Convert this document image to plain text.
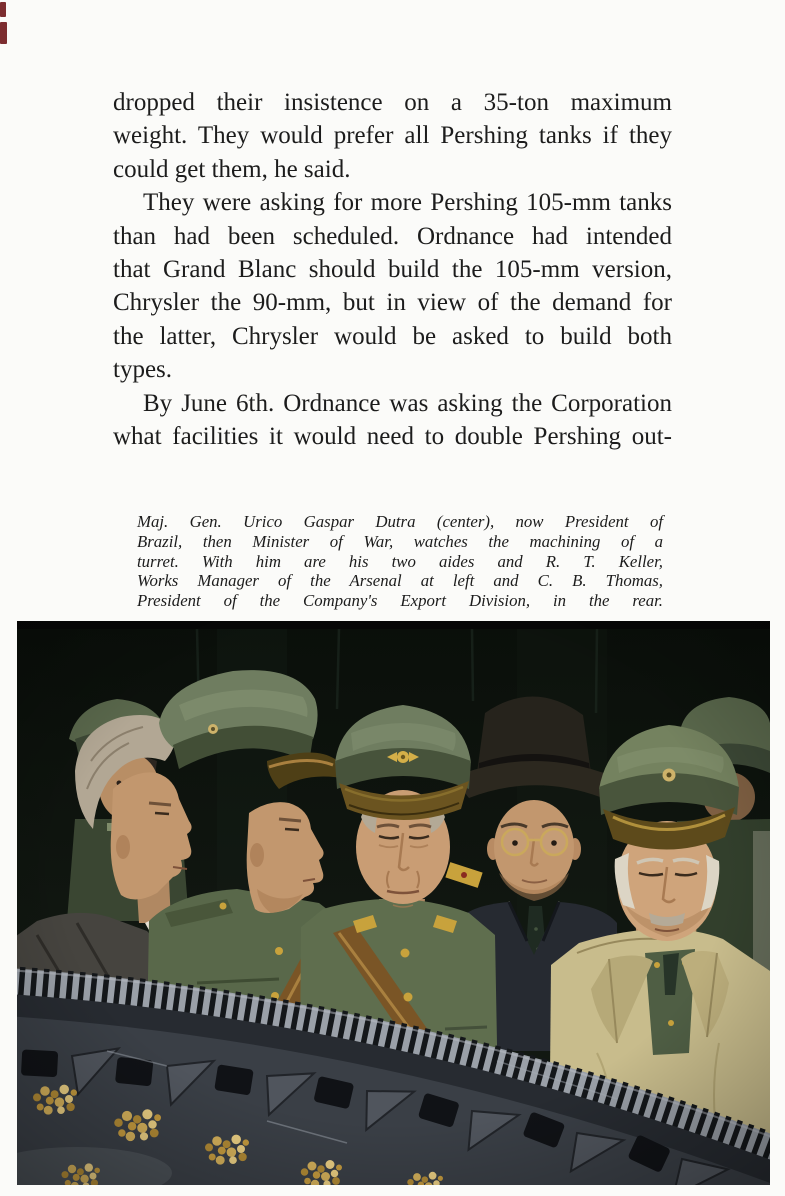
dropped their insistence on a 35-ton maximum
weight. They would prefer all Pershing tanks if they
could get them, he said.
They were asking for more Pershing 105-mm tanks
than had been scheduled. Ordnance had intended
that Grand Blanc should build the 105-mm version,
Chrysler the 90-mm, but in view of the demand for
the latter, Chrysler would be asked to build both
types.
By June 6th. Ordnance was asking the Corporation
what facilities it would need to double Pershing out-
Maj. Gen. Urico Gaspar Dutra (center), now President of
Brazil, then Minister of War, watches the machining of a
turret. With him are his two aides and R. T. Keller,
Works Manager of the Arsenal at left and C. B. Thomas,
President of the Company's Export Division, in the rear.
